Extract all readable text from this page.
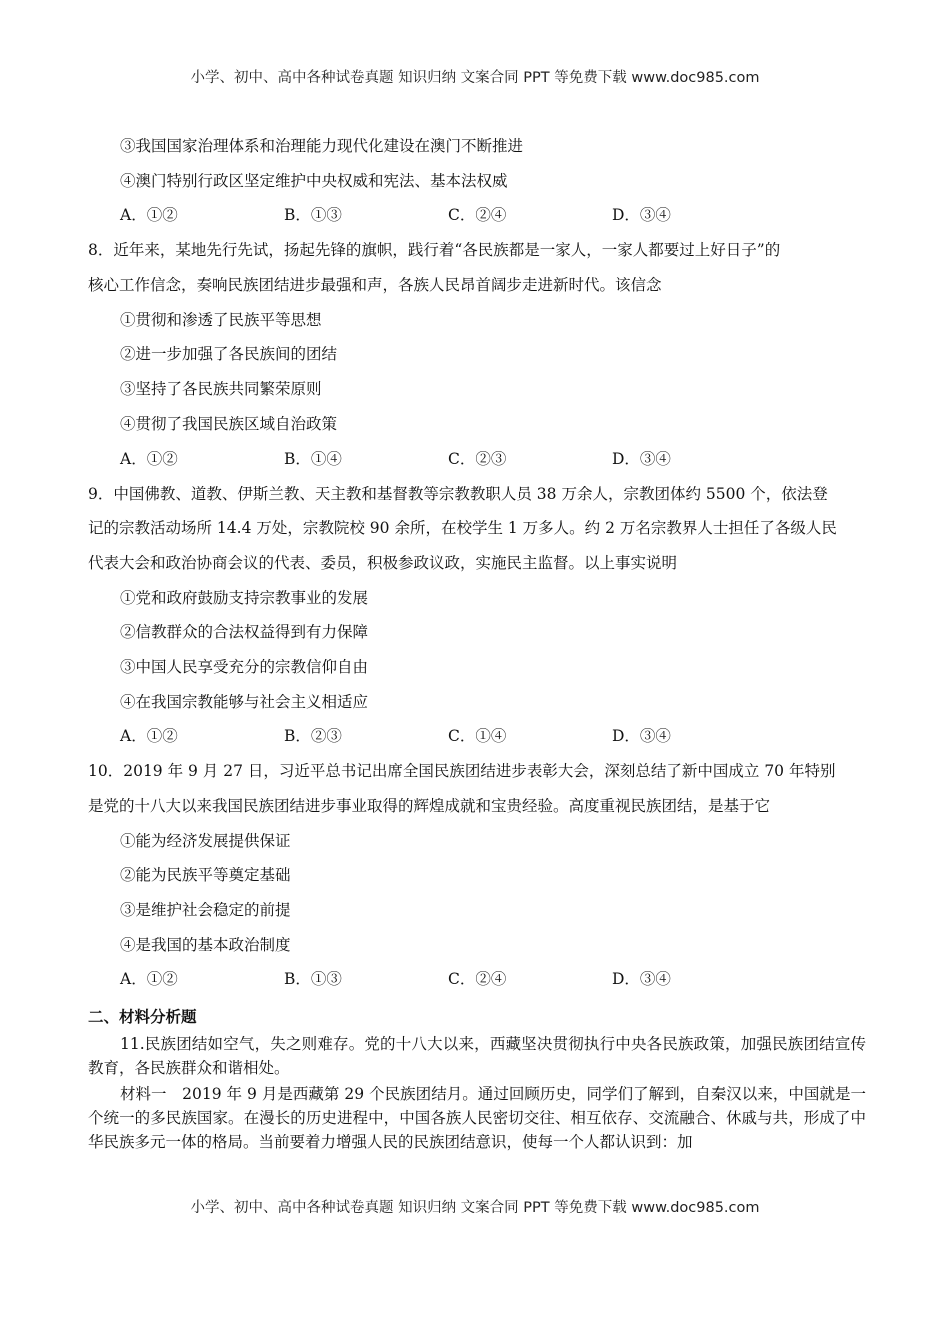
小学、初中、高中各种试卷真题 知识归纳 文案合同 PPT 等免费下载 www.doc985.com
③我国国家治理体系和治理能力现代化建设在澳门不断推进
④澳门特别行政区坚定维护中央权威和宪法、基本法权威
A．①②	B．①③	C．②④	D．③④
8．近年来，某地先行先试，扬起先锋的旗帜，践行着“各民族都是一家人，一家人都要过上好日子”的
核心工作信念，奏响民族团结进步最强和声，各族人民昂首阔步走进新时代。该信念
①贯彻和渗透了民族平等思想
②进一步加强了各民族间的团结
③坚持了各民族共同繁荣原则
④贯彻了我国民族区域自治政策
A．①②	B．①④	C．②③	D．③④
9．中国佛教、道教、伊斯兰教、天主教和基督教等宗教教职人员 38 万余人，宗教团体约 5500 个，依法登
记的宗教活动场所 14.4 万处，宗教院校 90 余所，在校学生 1 万多人。约 2 万名宗教界人士担任了各级人民
代表大会和政治协商会议的代表、委员，积极参政议政，实施民主监督。以上事实说明
①党和政府鼓励支持宗教事业的发展
②信教群众的合法权益得到有力保障
③中国人民享受充分的宗教信仰自由
④在我国宗教能够与社会主义相适应
A．①②	B．②③	C．①④	D．③④
10．2019 年 9 月 27 日，习近平总书记出席全国民族团结进步表彰大会，深刻总结了新中国成立 70 年特别
是党的十八大以来我国民族团结进步事业取得的辉煌成就和宝贵经验。高度重视民族团结，是基于它
①能为经济发展提供保证
②能为民族平等奠定基础
③是维护社会稳定的前提
④是我国的基本政治制度
A．①②	B．①③	C．②④	D．③④
二、材料分析题
11.民族团结如空气，失之则难存。党的十八大以来，西藏坚决贯彻执行中央各民族政策，加强民族团结宣传教育，各民族群众和谐相处。
材料一　2019 年 9 月是西藏第 29 个民族团结月。通过回顾历史，同学们了解到，自秦汉以来，中国就是一个统一的多民族国家。在漫长的历史进程中，中国各族人民密切交往、相互依存、交流融合、休戚与共，形成了中华民族多元一体的格局。当前要着力增强人民的民族团结意识，使每一个人都认识到：加
小学、初中、高中各种试卷真题 知识归纳 文案合同 PPT 等免费下载 www.doc985.com
